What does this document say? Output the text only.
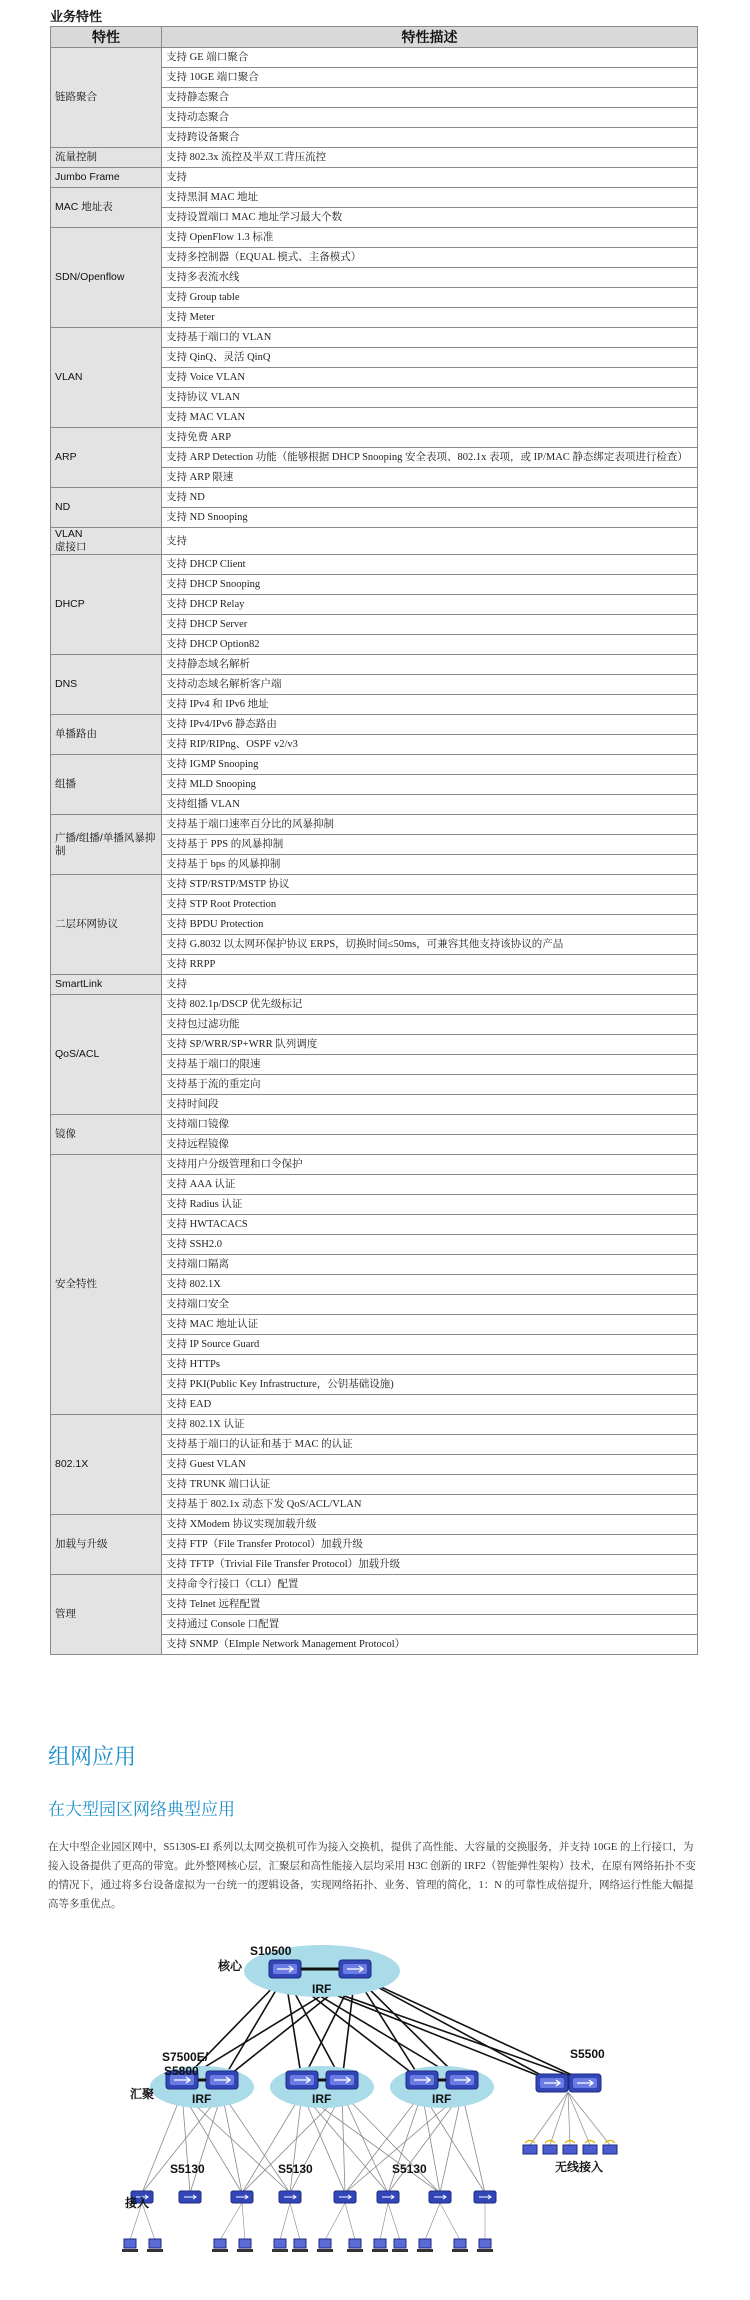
业务特性
特性	特性描述
链路聚合	支持 GE 端口聚合
	支持 10GE 端口聚合
	支持静态聚合
	支持动态聚合
	支持跨设备聚合
流量控制	支持 802.3x 流控及半双工背压流控
Jumbo Frame	支持
MAC 地址表	支持黑洞 MAC 地址
	支持设置端口 MAC 地址学习最大个数
SDN/Openflow	支持 OpenFlow 1.3 标准
	支持多控制器（EQUAL 模式、主备模式）
	支持多表流水线
	支持 Group table
	支持 Meter
VLAN	支持基于端口的 VLAN
	支持 QinQ、灵活 QinQ
	支持 Voice VLAN
	支持协议 VLAN
	支持 MAC VLAN
ARP	支持免费 ARP
	支持 ARP Detection 功能（能够根据 DHCP Snooping 安全表项、802.1x 表项，或 IP/MAC 静态绑定表项进行检查）
	支持 ARP 限速
ND	支持 ND
	支持 ND Snooping
VLAN
虚接口	支持
DHCP	支持 DHCP Client
	支持 DHCP Snooping
	支持 DHCP Relay
	支持 DHCP Server
	支持 DHCP Option82
DNS	支持静态域名解析
	支持动态域名解析客户端
	支持 IPv4 和 IPv6 地址
单播路由	支持 IPv4/IPv6 静态路由
	支持 RIP/RIPng、OSPF v2/v3
组播	支持 IGMP Snooping
	支持 MLD Snooping
	支持组播 VLAN
广播/组播/单播风暴抑制	支持基于端口速率百分比的风暴抑制
	支持基于 PPS 的风暴抑制
	支持基于 bps 的风暴抑制
二层环网协议	支持 STP/RSTP/MSTP 协议
	支持 STP Root Protection
	支持 BPDU Protection
	支持 G.8032 以太网环保护协议 ERPS，切换时间≤50ms，可兼容其他支持该协议的产品
	支持 RRPP
SmartLink	支持
QoS/ACL	支持 802.1p/DSCP 优先级标记
	支持包过滤功能
	支持 SP/WRR/SP+WRR 队列调度
	支持基于端口的限速
	支持基于流的重定向
	支持时间段
镜像	支持端口镜像
	支持远程镜像
安全特性	支持用户分级管理和口令保护
	支持 AAA 认证
	支持 Radius 认证
	支持 HWTACACS
	支持 SSH2.0
	支持端口隔离
	支持 802.1X
	支持端口安全
	支持 MAC 地址认证
	支持 IP Source Guard
	支持 HTTPs
	支持 PKI(Public Key Infrastructure，公钥基础设施)
	支持 EAD
802.1X	支持 802.1X 认证
	支持基于端口的认证和基于 MAC 的认证
	支持 Guest VLAN
	支持 TRUNK 端口认证
	支持基于 802.1x 动态下发 QoS/ACL/VLAN
加载与升级	支持 XModem 协议实现加载升级
	支持 FTP（File Transfer Protocol）加载升级
	支持 TFTP（Trivial File Transfer Protocol）加载升级
管理	支持命令行接口（CLI）配置
	支持 Telnet 远程配置
	支持通过 Console 口配置
	支持 SNMP（EImple Network Management Protocol）
组网应用
在大型园区网络典型应用

在大中型企业园区网中，S5130S-EI 系列以太网交换机可作为接入交换机，提供了高性能、大容量的交换服务，并支持 10GE 的上行接口，为接入设备提供了更高的带宽。此外整网核心层，汇聚层和高性能接入层均采用 H3C 创新的 IRF2（智能弹性架构）技术，在原有网络拓扑不变的情况下，通过将多台设备虚拟为一台统一的逻辑设备，实现网络拓扑、业务、管理的简化，1：N 的可靠性成倍提升，网络运行性能大幅提高等多重优点。

IRF
IRF	IRF	IRF
S5130	S5130	S5130
核心
S10500
S7500E/
S5800
汇聚
接入
S5500
无线接入
